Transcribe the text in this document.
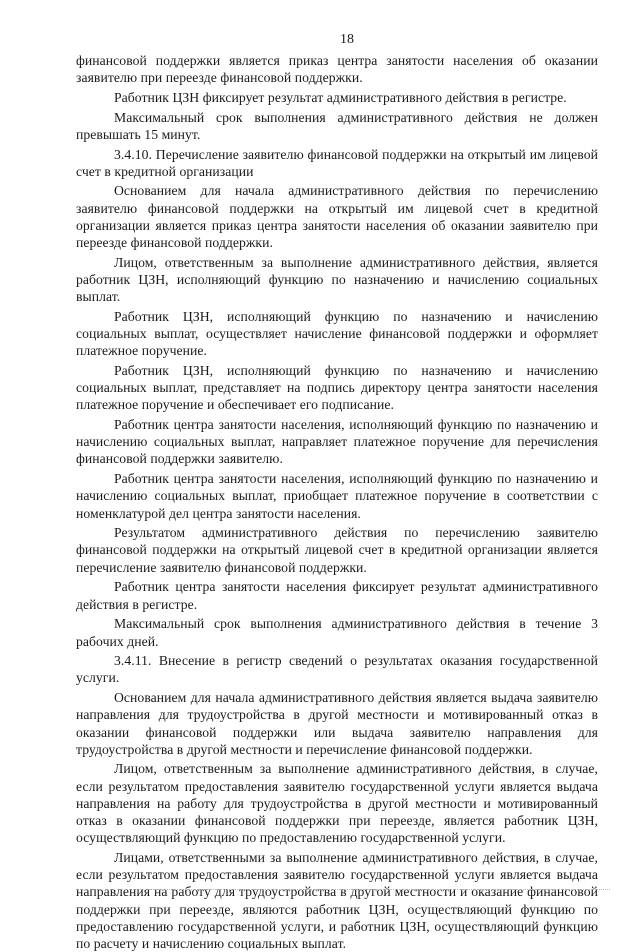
18

финансовой поддержки является приказ центра занятости населения об оказании заявителю при переезде финансовой поддержки.

Работник ЦЗН фиксирует результат административного действия в регистре.

Максимальный срок выполнения административного действия не должен превышать 15 минут.

3.4.10. Перечисление заявителю финансовой поддержки на открытый им лицевой счет в кредитной организации

Основанием для начала административного действия по перечислению заявителю финансовой поддержки на открытый им лицевой счет в кредитной организации является приказ центра занятости населения об оказании заявителю при переезде финансовой поддержки.

Лицом, ответственным за выполнение административного действия, является работник ЦЗН, исполняющий функцию по назначению и начислению социальных выплат.

Работник ЦЗН, исполняющий функцию по назначению и начислению социальных выплат, осуществляет начисление финансовой поддержки и оформляет платежное поручение.

Работник ЦЗН, исполняющий функцию по назначению и начислению социальных выплат, представляет на подпись директору центра занятости населения платежное поручение и обеспечивает его подписание.

Работник центра занятости населения, исполняющий функцию по назначению и начислению социальных выплат, направляет платежное поручение для перечисления финансовой поддержки заявителю.

Работник центра занятости населения, исполняющий функцию по назначению и начислению социальных выплат, приобщает платежное поручение в соответствии с номенклатурой дел центра занятости населения.

Результатом административного действия по перечислению заявителю финансовой поддержки на открытый лицевой счет в кредитной организации является перечисление заявителю финансовой поддержки.

Работник центра занятости населения фиксирует результат административного действия в регистре.

Максимальный срок выполнения административного действия в течение 3 рабочих дней.

3.4.11. Внесение в регистр сведений о результатах оказания государственной услуги.

Основанием для начала административного действия является выдача заявителю направления для трудоустройства в другой местности и мотивированный отказ в оказании финансовой поддержки или выдача заявителю направления для трудоустройства в другой местности и перечисление финансовой поддержки.

Лицом, ответственным за выполнение административного действия, в случае, если результатом предоставления заявителю государственной услуги является выдача направления на работу для трудоустройства в другой местности и мотивированный отказ в оказании финансовой поддержки при переезде, является работник ЦЗН, осуществляющий функцию по предоставлению государственной услуги.

Лицами, ответственными за выполнение административного действия, в случае, если результатом предоставления заявителю государственной услуги является выдача направления на работу для трудоустройства в другой местности и оказание финансовой поддержки при переезде, являются работник ЦЗН, осуществляющий функцию по предоставлению государственной услуги, и работник ЦЗН, осуществляющий функцию по расчету и начислению социальных выплат.
